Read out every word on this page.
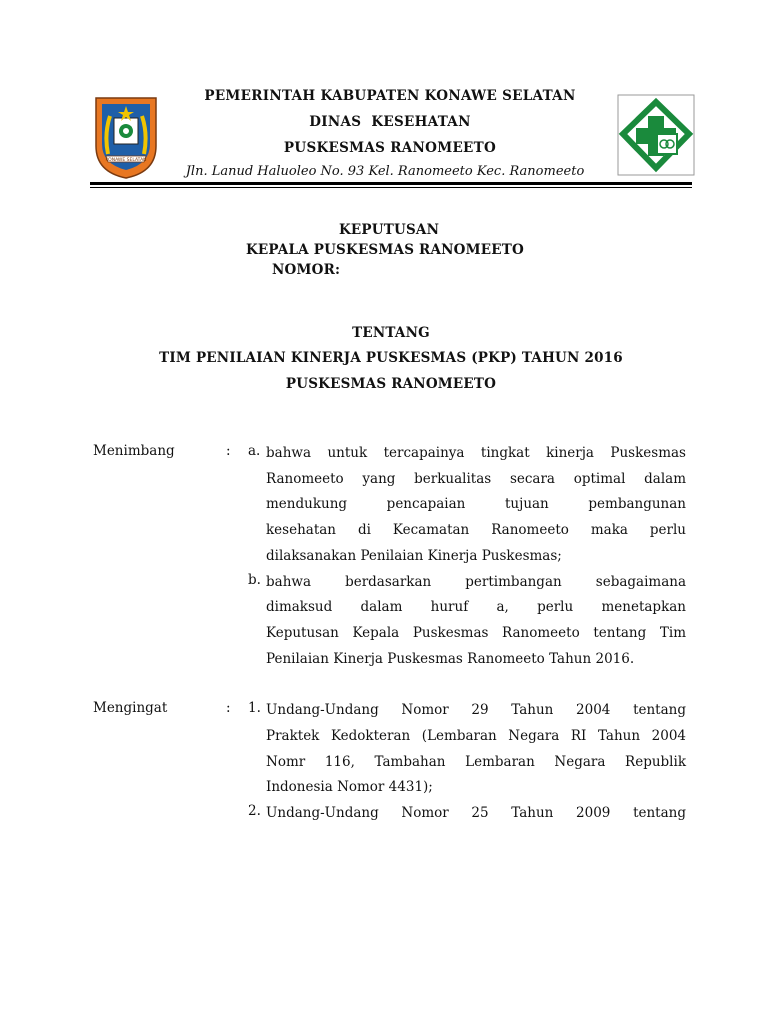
KONAWE SELATAN
PEMERINTAH KABUPATEN KONAWE SELATAN
DINAS  KESEHATAN
PUSKESMAS RANOMEETO
Jln. Lanud Haluoleo No. 93 Kel. Ranomeeto Kec. Ranomeeto
KEPUTUSAN
KEPALA PUSKESMAS RANOMEETO
NOMOR:
TENTANG
TIM PENILAIAN KINERJA PUSKESMAS (PKP) TAHUN 2016
PUSKESMAS RANOMEETO
Menimbang	: a. bahwa untuk tercapainya tingkat kinerja Puskesmas
Ranomeeto yang berkualitas secara optimal dalam
mendukung pencapaian tujuan pembangunan
kesehatan di Kecamatan Ranomeeto maka perlu
dilaksanakan Penilaian Kinerja Puskesmas;
b. bahwa berdasarkan pertimbangan sebagaimana
dimaksud dalam huruf a, perlu menetapkan
Keputusan Kepala Puskesmas Ranomeeto tentang Tim
Penilaian Kinerja Puskesmas Ranomeeto Tahun 2016.
Mengingat	: 1. Undang-Undang Nomor 29 Tahun 2004 tentang
Praktek Kedokteran (Lembaran Negara RI Tahun 2004
Nomr 116, Tambahan Lembaran Negara Republik
Indonesia Nomor 4431);
2. Undang-Undang Nomor 25 Tahun 2009 tentang
